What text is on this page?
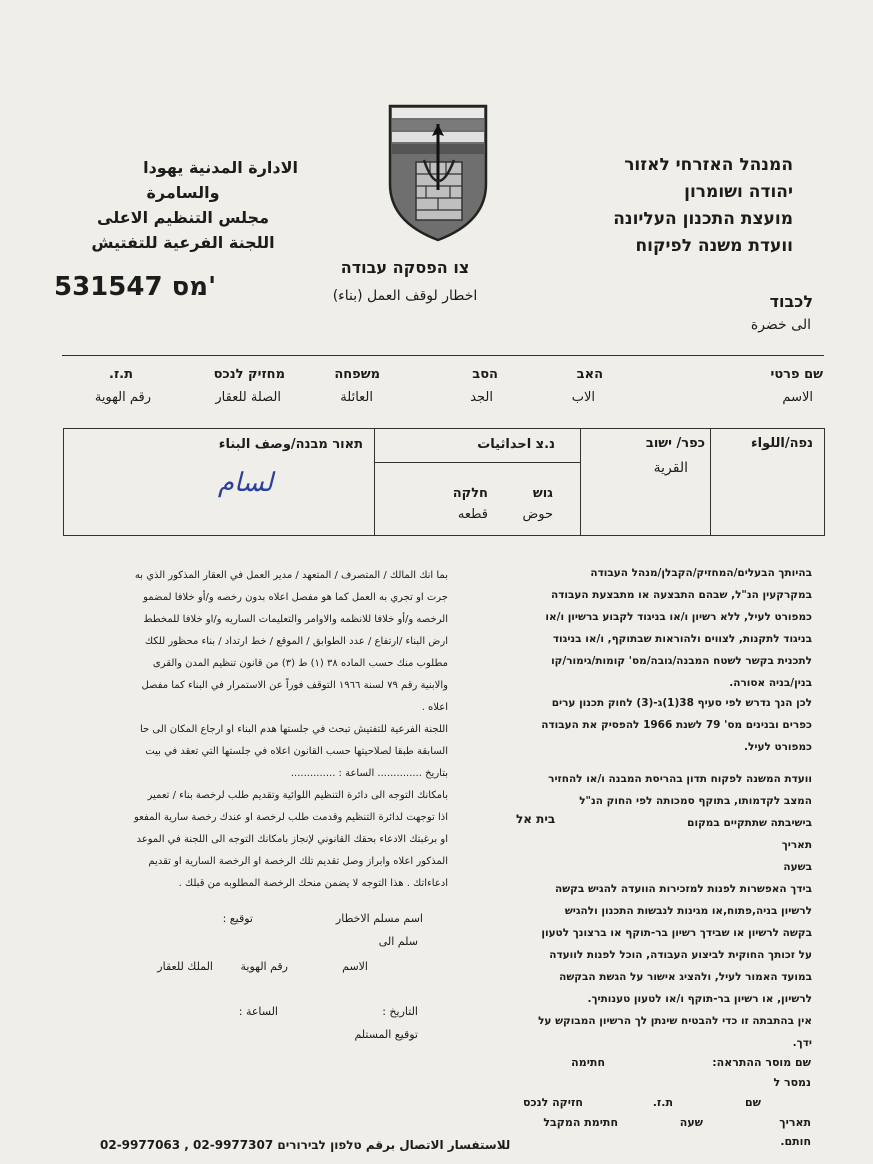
המנהל האזרחי לאזור
יהודה ושומרון
מועצת התכנון העליונה
וועדת משנה לפיקוח
الادارة المدنية يهودا
والسامرة
مجلس التنظيم الاعلى
اللجنة الفرعية للتفتيش
531547 מס'
צו הפסקה עבודה
اخطار لوقف العمل (بناء)	לכבוד
الى خضرة
שם פרטי
الاسم
האב
الاب
הסב
الجد
משפחה
العائلة
מחזיק לנכס
الصلة للعقار
ת.ז.
رقم الهوية
נפה/اللواء
כפר/ ישוב
القرية
נ.צ احداثيات
גוש
חלקה
حوض
قطعه
תאור מבנה/وصف البناء
لسام
بما انك المالك / المتصرف / المتعهد / مدير العمل في العقار المذكور الذي به
جرت او تجري به العمل كما هو مفصل اعلاه بدون رخصه و/أو خلافا لمضمو
الرخصه و/أو خلافا للانظمه والاوامر والتعليمات الساريه و/او خلافا للمخطط
ارض البناء /ارتفاع / عدد الطوابق / الموقع / خط ارتداد / بناء محظور للكك
مطلوب منك حسب الماده ٣٨ (١) ط (٣) من قانون تنظيم المدن والقرى
والابنية رقم ٧٩ لسنة ١٩٦٦ التوقف فوراً عن الاستمرار في البناء كما مفصل
اعلاه .
اللجنة الفرعية للتفتيش تبحث في جلستها هدم البناء او ارجاع المكان الى حا
السابقة طبقا لصلاحيتها حسب القانون اعلاه في جلستها التي تعقد في بيت
بتاريخ .............. الساعة : ..............
بامكانك التوجه الى دائرة التنظيم اللوائية وتقديم طلب لرخصة بناء / تعمير
اذا توجهت لدائرة التنظيم وقدمت طلب لرخصة او عندك رخصة سارية المفعو
او برغبتك الادعاء بحقك القانوني لإنجاز بامكانك التوجه الى اللجنة في الموعد
المذكور اعلاه وابراز وصل تقديم تلك الرخصة او الرخصة السارية او تقديم
ادعاءاتك . هذا التوجه لا يضمن منحك الرخصة المطلوبه من قبلك .
בהיותך הבעלים/המחזיק/הקבלן/מנהל העבודה
במקרקעין הנ"ל, שבהם התבצעה או מתבצעת העבודה
כמפורט לעיל, ללא רשיון ו/או בניגוד לקבוע ברשיון ו/או
בניגוד לתקנות, לצווים ולהוראות שבתוקף, ו/או בניגוד
לתכנית בקשר לשטח המבנה/גובה/מס' קומות/גימור/קו
בנין/בניה אסורה.
לכן הנך נדרש לפי סעיף 38(1)ג-(3) לחוק תכנון ערים
כפרים ובנינים מס' 79 לשנת 1966 להפסיק את העבודה
כמפורט לעיל.
וועדת המשנה לפקוח תדון בהריסת המבנה ו/או להחזיר
המצב לקדמותו, בתוקף סמכותה לפי החוק הנ"ל
בישיבתה שתתקיים במקום
תאריך
בשעה
בית אל
בידך האפשרות לפנות למזכירות הוועדה להגיש בקשה
לרשיון בניה,פתוח,או מגינות לנבשות התכנון ולהגיש
בקשה לרשיון או שבידך רשיון בר-תוקף או ברצונך לטעון
על זכותך החוקית לביצוע העבודה, הוכל לפנות לוועדה
במועד האמור לעיל, ולהציג אישור על הגשת הבקשה
לרשיון, או רשיון בר-תוקף ו/או לטעון טענותיך.
אין בהתבתה זו כדי להבטיח שינתן לך הרשיון המבוקש על
ידך.
שם מוסר ההתראה:
חתימה
נמסר ל
שם
ת.ז.
חזיקה לנכס
תאריך
שעה
חתימת המקבל
חותם.
اسم مسلم الاخطار
توقيع :
سلم الى
الاسم
رقم الهوية
الملك للعقار
التاريخ :
الساعة :
توقيع المستلم
02-9977063 , 02-9977307	للاستفسار الاتصال برقم טלפון לבירורים
